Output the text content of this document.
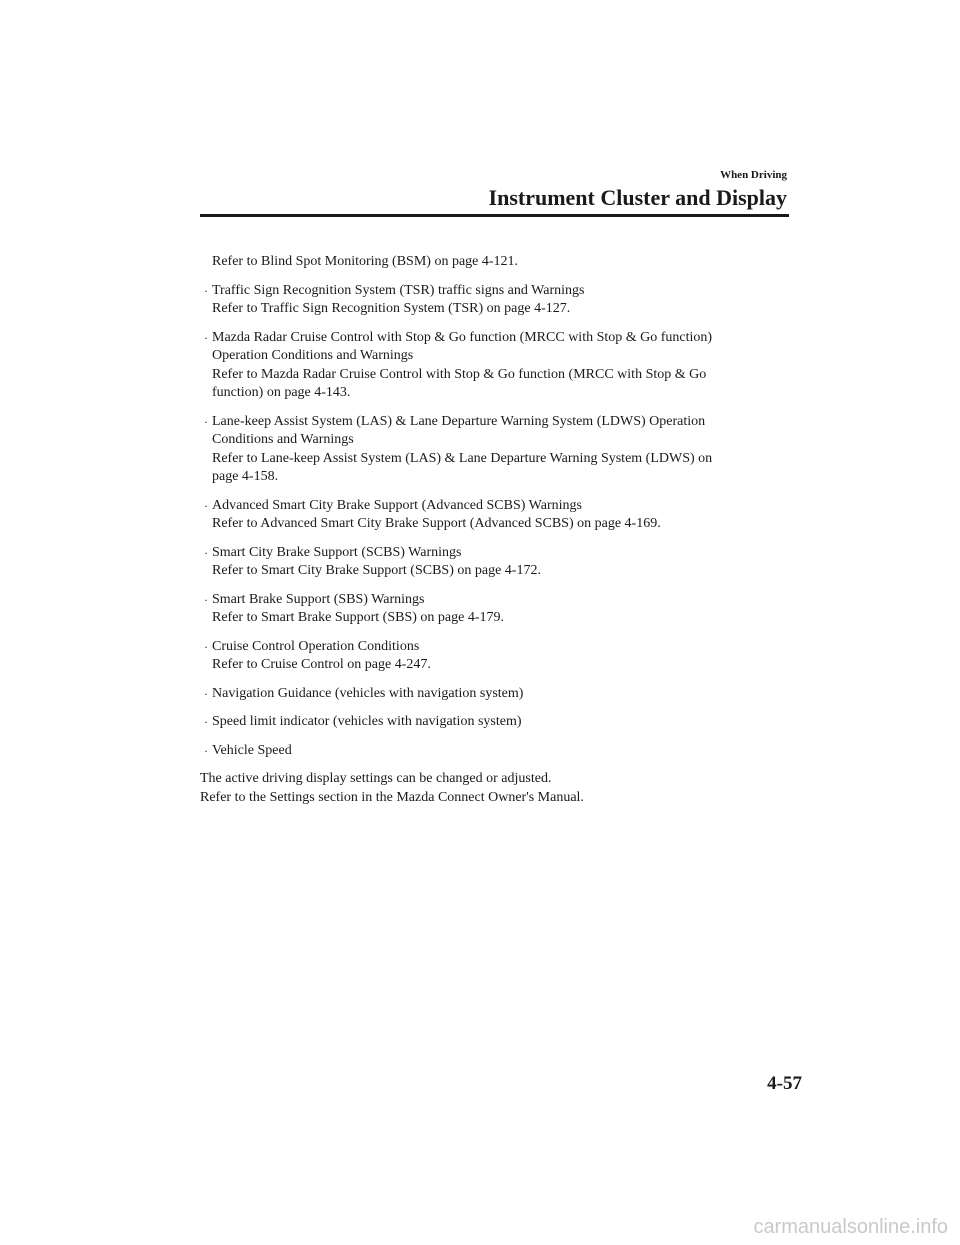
When Driving
Instrument Cluster and Display
Refer to Blind Spot Monitoring (BSM) on page 4-121.
· Traffic Sign Recognition System (TSR) traffic signs and Warnings
Refer to Traffic Sign Recognition System (TSR) on page 4-127.
· Mazda Radar Cruise Control with Stop & Go function (MRCC with Stop & Go function)
Operation Conditions and Warnings
Refer to Mazda Radar Cruise Control with Stop & Go function (MRCC with Stop & Go
function) on page 4-143.
· Lane-keep Assist System (LAS) & Lane Departure Warning System (LDWS) Operation
Conditions and Warnings
Refer to Lane-keep Assist System (LAS) & Lane Departure Warning System (LDWS) on
page 4-158.
· Advanced Smart City Brake Support (Advanced SCBS) Warnings
Refer to Advanced Smart City Brake Support (Advanced SCBS) on page 4-169.
· Smart City Brake Support (SCBS) Warnings
Refer to Smart City Brake Support (SCBS) on page 4-172.
· Smart Brake Support (SBS) Warnings
Refer to Smart Brake Support (SBS) on page 4-179.
· Cruise Control Operation Conditions
Refer to Cruise Control on page 4-247.
· Navigation Guidance (vehicles with navigation system)
· Speed limit indicator (vehicles with navigation system)
· Vehicle Speed

The active driving display settings can be changed or adjusted.
Refer to the Settings section in the Mazda Connect Owner's Manual.

4-57
carmanualsonline.info
